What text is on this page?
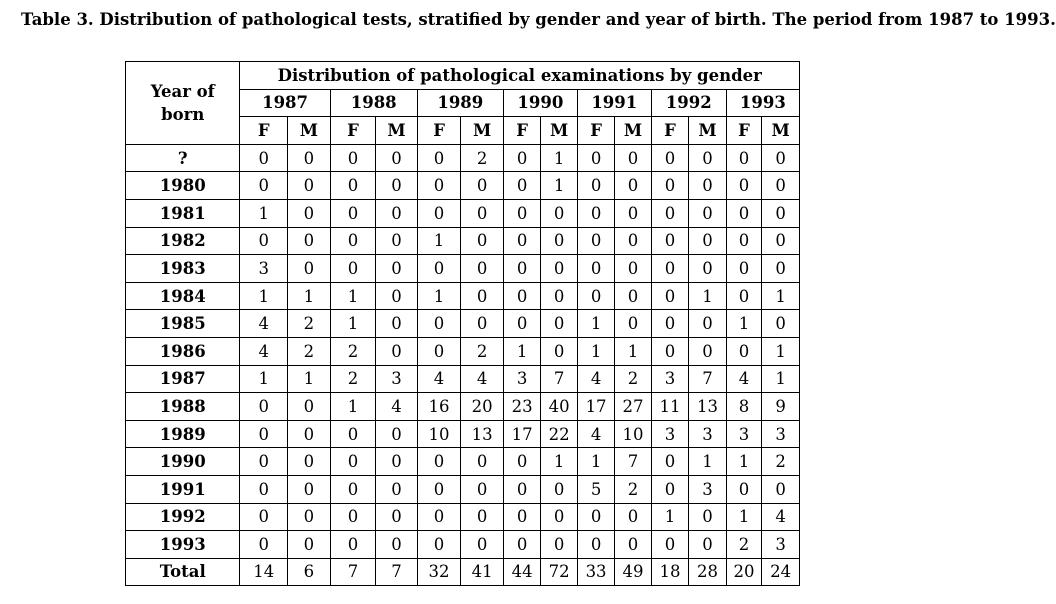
Table 3. Distribution of pathological tests, stratified by gender and year of birth. The period from 1987 to 1993.
Year of
born	Distribution of pathological examinations by gender													
	1987		1988		1989		1990		1991		1992		1993	
	F	M	F	M	F	M	F	M	F	M	F	M	F	M
?	0	0	0	0	0	2	0	1	0	0	0	0	0	0
1980	0	0	0	0	0	0	0	1	0	0	0	0	0	0
1981	1	0	0	0	0	0	0	0	0	0	0	0	0	0
1982	0	0	0	0	1	0	0	0	0	0	0	0	0	0
1983	3	0	0	0	0	0	0	0	0	0	0	0	0	0
1984	1	1	1	0	1	0	0	0	0	0	0	1	0	1
1985	4	2	1	0	0	0	0	0	1	0	0	0	1	0
1986	4	2	2	0	0	2	1	0	1	1	0	0	0	1
1987	1	1	2	3	4	4	3	7	4	2	3	7	4	1
1988	0	0	1	4	16	20	23	40	17	27	11	13	8	9
1989	0	0	0	0	10	13	17	22	4	10	3	3	3	3
1990	0	0	0	0	0	0	0	1	1	7	0	1	1	2
1991	0	0	0	0	0	0	0	0	5	2	0	3	0	0
1992	0	0	0	0	0	0	0	0	0	0	1	0	1	4
1993	0	0	0	0	0	0	0	0	0	0	0	0	2	3
Total	14	6	7	7	32	41	44	72	33	49	18	28	20	24
